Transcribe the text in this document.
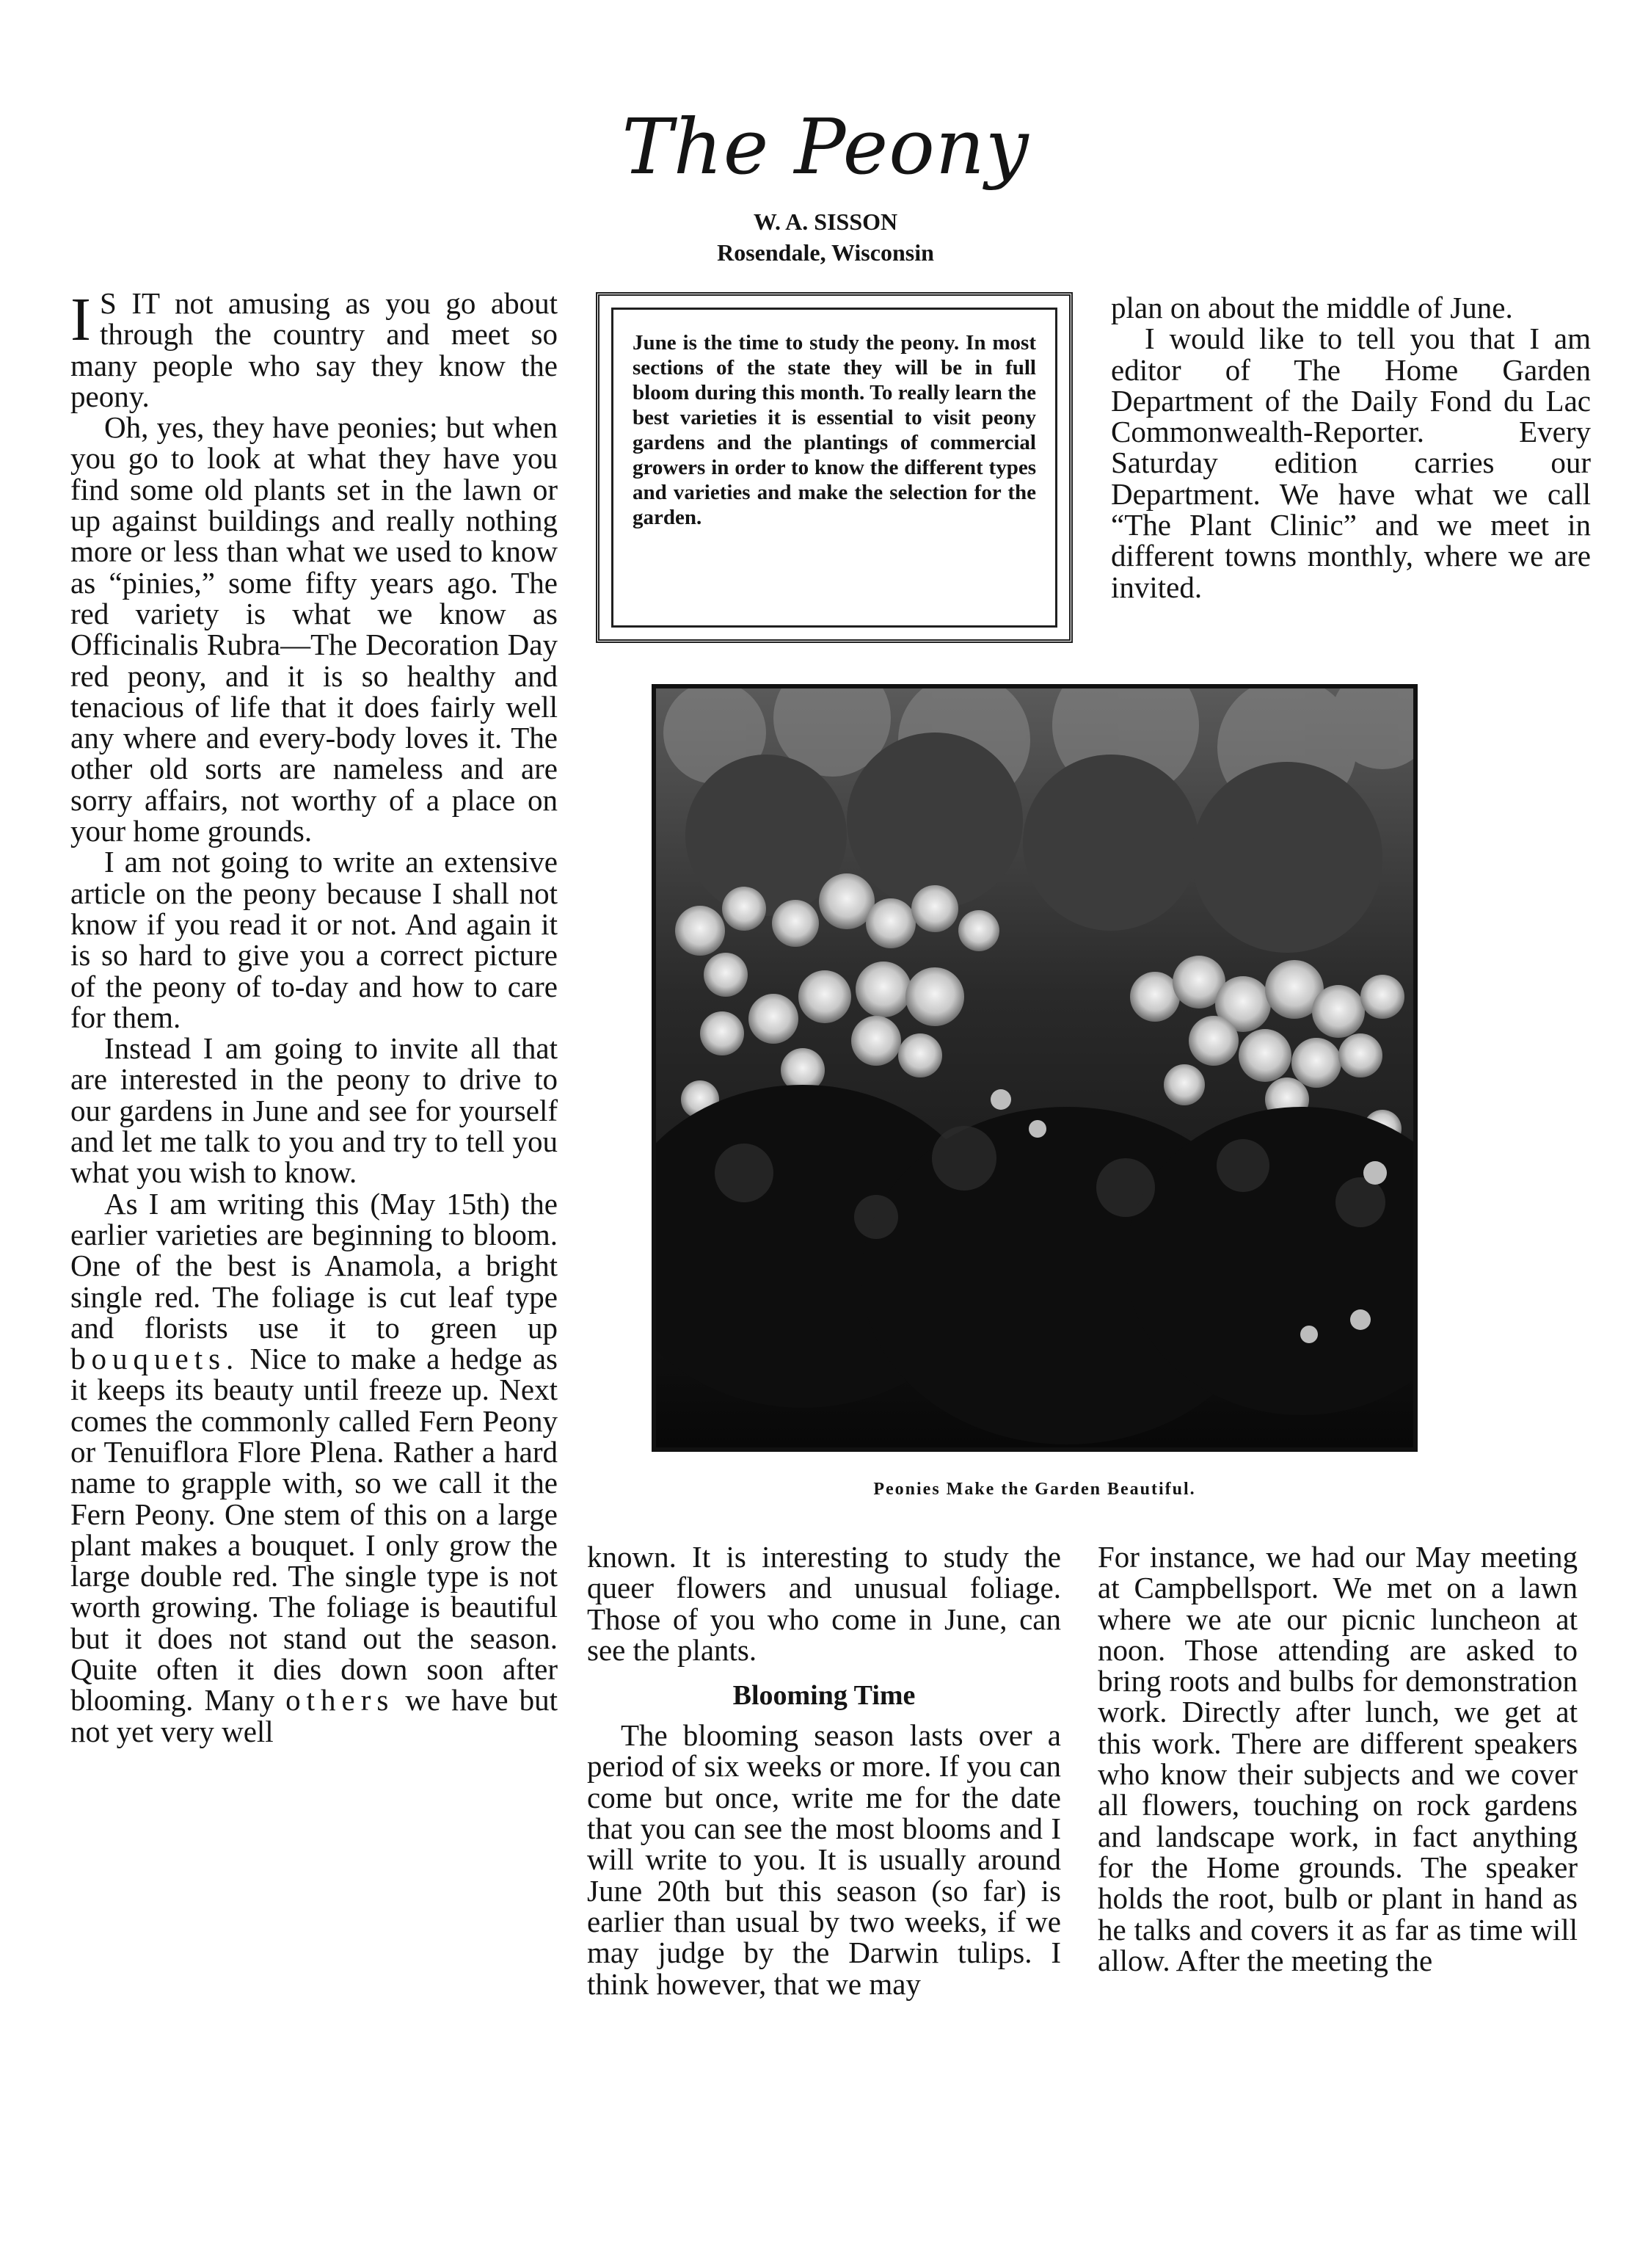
The Peony
W. A. SISSON
Rosendale, Wisconsin

I S IT not amusing as you go about through the country and meet so many people who say they know the peony.

Oh, yes, they have peonies; but when you go to look at what they have you find some old plants set in the lawn or up against buildings and really nothing more or less than what we used to know as “pinies,” some fifty years ago. The red variety is what we know as Officinalis Rubra—The Decoration Day red peony, and it is so healthy and tenacious of life that it does fairly well any where and every-body loves it. The other old sorts are nameless and are sorry affairs, not worthy of a place on your home grounds.

I am not going to write an extensive article on the peony because I shall not know if you read it or not. And again it is so hard to give you a correct picture of the peony of to-day and how to care for them.

Instead I am going to invite all that are interested in the peony to drive to our gardens in June and see for yourself and let me talk to you and try to tell you what you wish to know.

As I am writing this (May 15th) the earlier varieties are beginning to bloom. One of the best is Anamola, a bright single red. The foliage is cut leaf type and florists use it to green up bouquets. Nice to make a hedge as it keeps its beauty until freeze up. Next comes the commonly called Fern Peony or Tenuiflora Flore Plena. Rather a hard name to grapple with, so we call it the Fern Peony. One stem of this on a large plant makes a bouquet. I only grow the large double red. The single type is not worth growing. The foliage is beautiful but it does not stand out the season. Quite often it dies down soon after blooming. Many others we have but not yet very well

June is the time to study the peony. In most sections of the state they will be in full bloom during this month. To really learn the best varieties it is essential to visit peony gardens and the plantings of commercial growers in order to know the different types and varieties and make the selection for the garden.

plan on about the middle of June.

I would like to tell you that I am editor of The Home Garden Department of the Daily Fond du Lac Commonwealth-Reporter. Every Saturday edition carries our Department. We have what we call “The Plant Clinic” and we meet in different towns monthly, where we are invited.

Peonies Make the Garden Beautiful.

known. It is interesting to study the queer flowers and unusual foliage. Those of you who come in June, can see the plants.

Blooming Time

The blooming season lasts over a period of six weeks or more. If you can come but once, write me for the date that you can see the most blooms and I will write to you. It is usually around June 20th but this season (so far) is earlier than usual by two weeks, if we may judge by the Darwin tulips. I think however, that we may

For instance, we had our May meeting at Campbellsport. We met on a lawn where we ate our picnic luncheon at noon. Those attending are asked to bring roots and bulbs for demonstration work. Directly after lunch, we get at this work. There are different speakers who know their subjects and we cover all flowers, touching on rock gardens and landscape work, in fact anything for the Home grounds. The speaker holds the root, bulb or plant in hand as he talks and covers it as far as time will allow. After the meeting the
